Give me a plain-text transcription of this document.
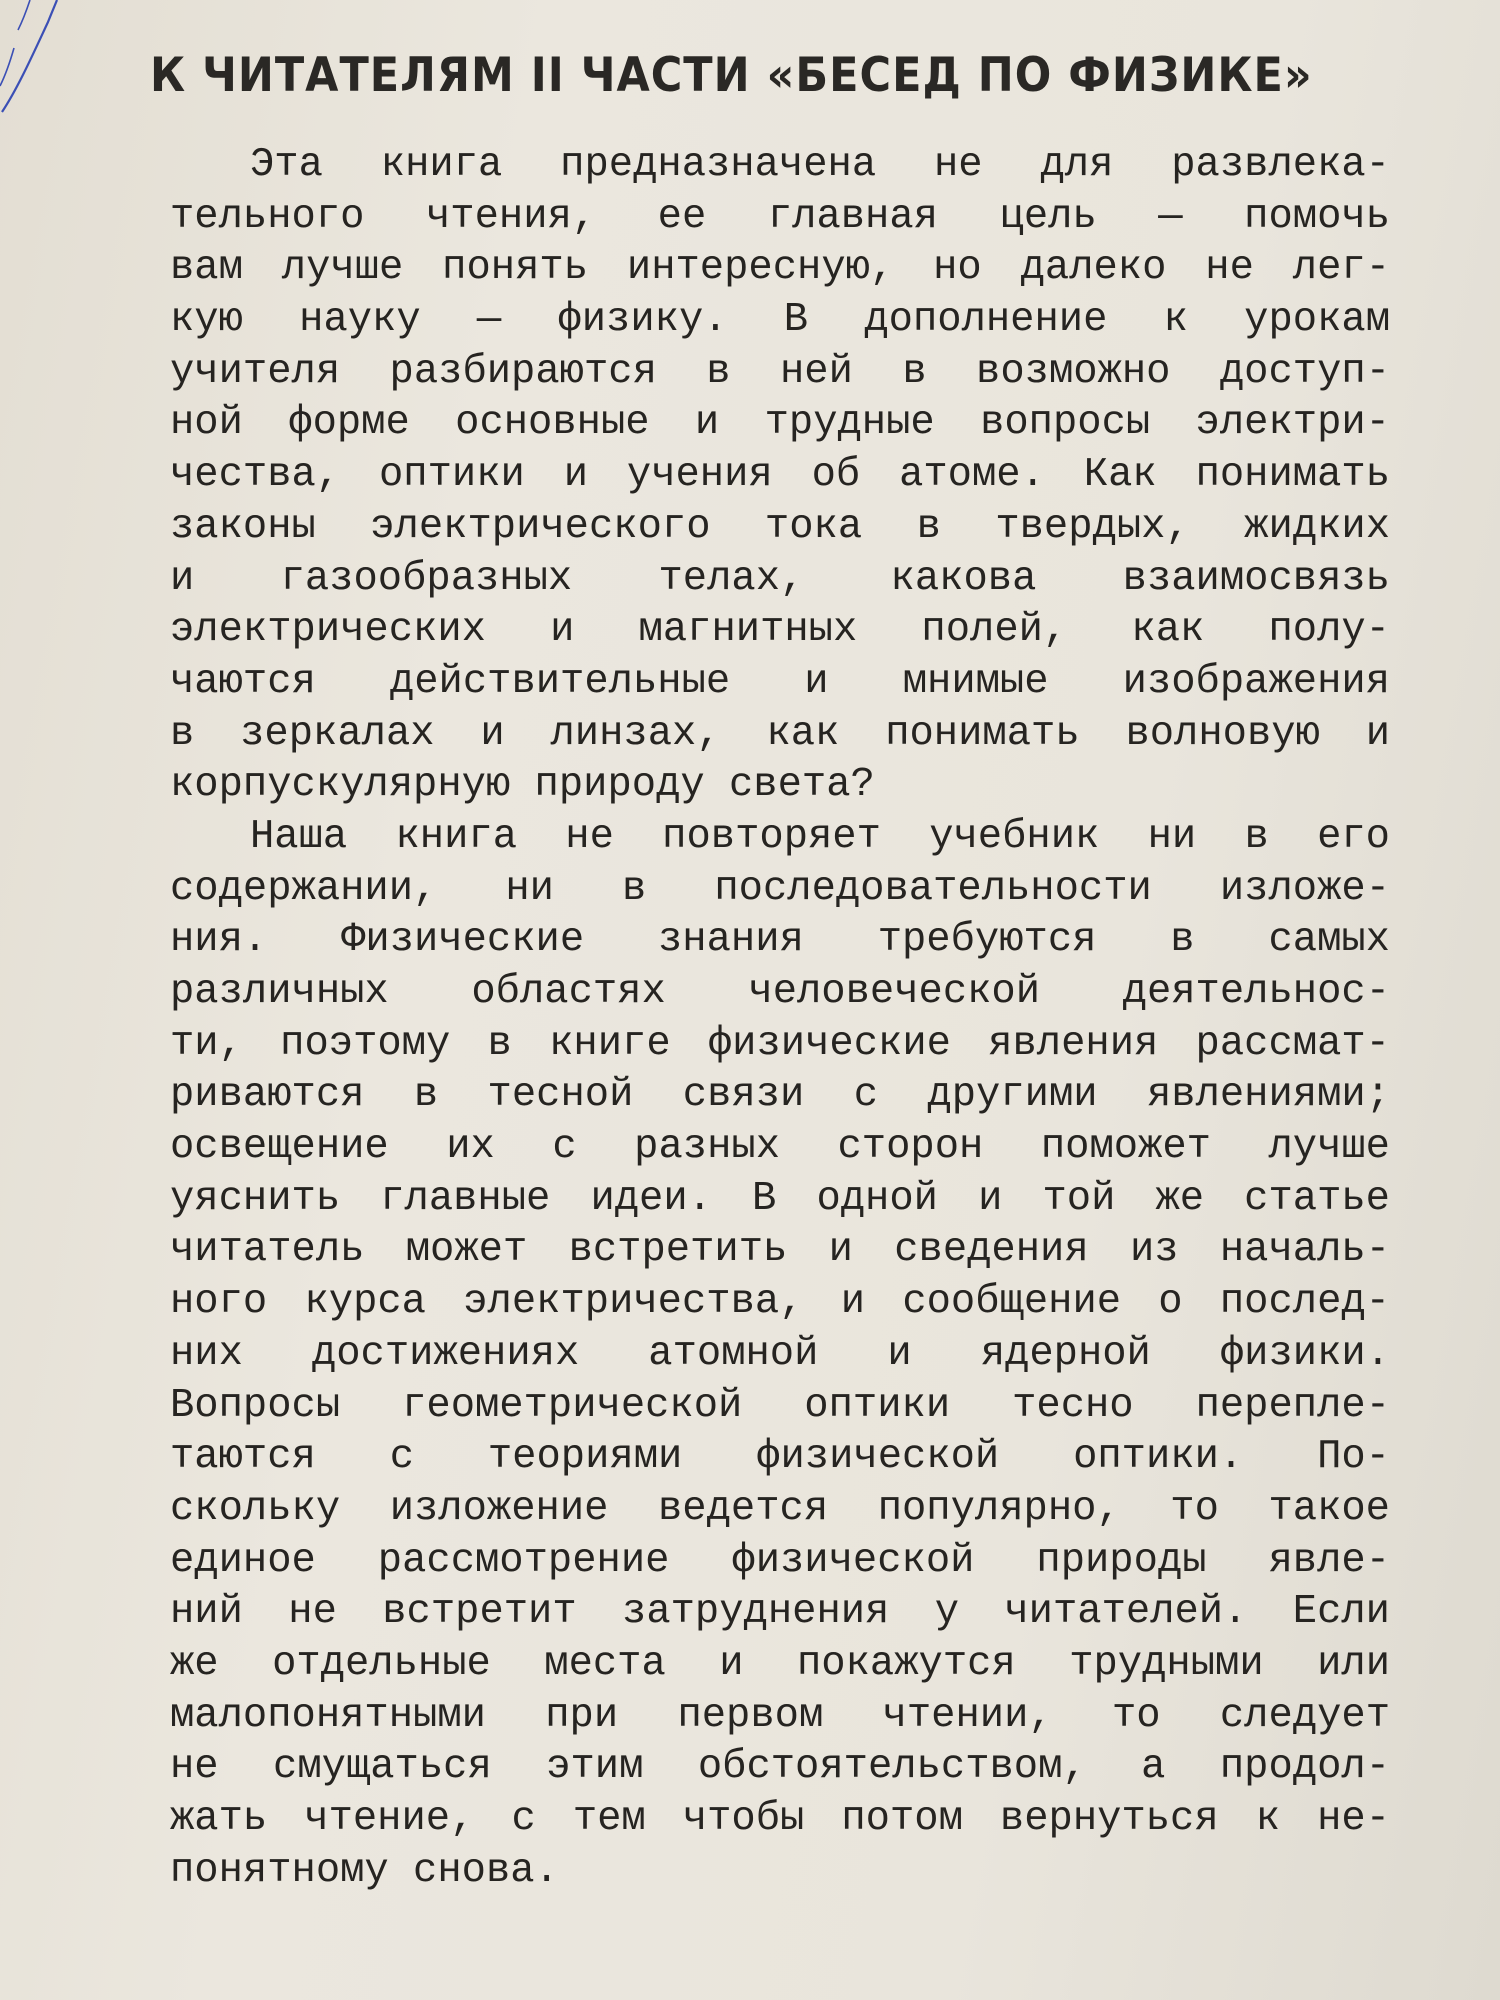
К ЧИТАТЕЛЯМ II ЧАСТИ «БЕСЕД ПО ФИЗИКЕ»
Эта книга предназначена не для развлека-
тельного чтения, ее главная цель — помочь
вам лучше понять интересную, но далеко не лег-
кую науку — физику. В дополнение к урокам
учителя разбираются в ней в возможно доступ-
ной форме основные и трудные вопросы электри-
чества, оптики и учения об атоме. Как понимать
законы электрического тока в твердых, жидких
и газообразных телах, какова взаимосвязь
электрических и магнитных полей, как полу-
чаются действительные и мнимые изображения
в зеркалах и линзах, как понимать волновую и
корпускулярную природу света?
Наша книга не повторяет учебник ни в его
содержании, ни в последовательности изложе-
ния. Физические знания требуются в самых
различных областях человеческой деятельнос-
ти, поэтому в книге физические явления рассмат-
риваются в тесной связи с другими явлениями;
освещение их с разных сторон поможет лучше
уяснить главные идеи. В одной и той же статье
читатель может встретить и сведения из началь-
ного курса электричества, и сообщение о послед-
них достижениях атомной и ядерной физики.
Вопросы геометрической оптики тесно перепле-
таются с теориями физической оптики. По-
скольку изложение ведется популярно, то такое
единое рассмотрение физической природы явле-
ний не встретит затруднения у читателей. Если
же отдельные места и покажутся трудными или
малопонятными при первом чтении, то следует
не смущаться этим обстоятельством, а продол-
жать чтение, с тем чтобы потом вернуться к не-
понятному снова.
